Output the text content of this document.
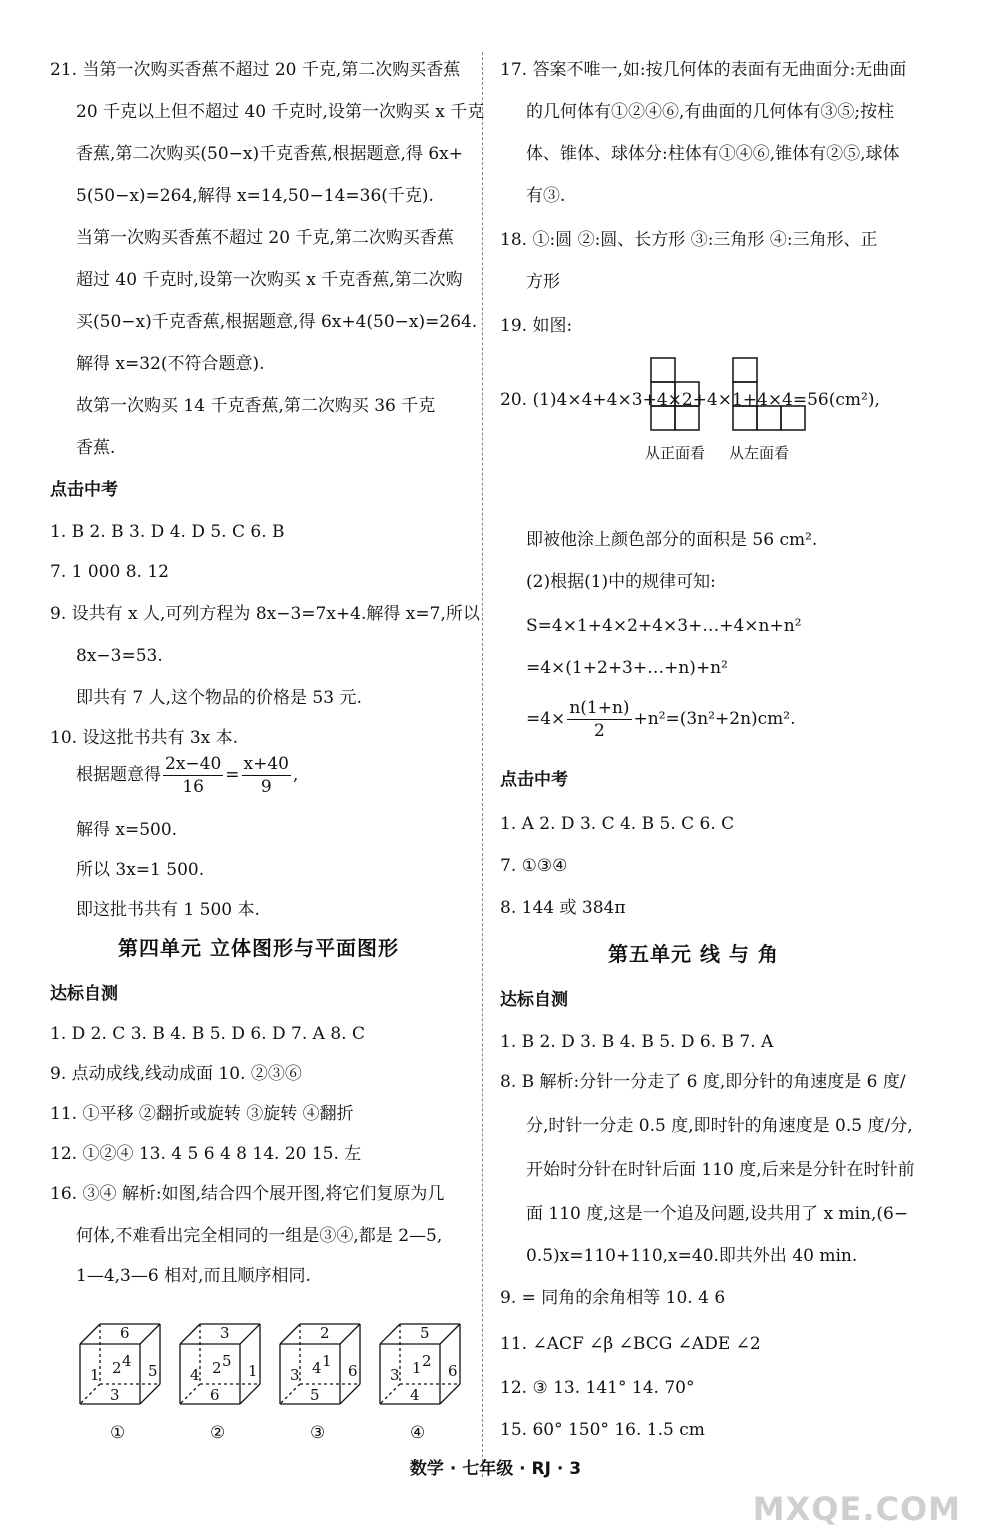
21. 当第一次购买香蕉不超过 20 千克,第二次购买香蕉
20 千克以上但不超过 40 千克时,设第一次购买 x 千克
香蕉,第二次购买(50−x)千克香蕉,根据题意,得 6x+
5(50−x)=264,解得 x=14,50−14=36(千克).
当第一次购买香蕉不超过 20 千克,第二次购买香蕉
超过 40 千克时,设第一次购买 x 千克香蕉,第二次购
买(50−x)千克香蕉,根据题意,得 6x+4(50−x)=264.
解得 x=32(不符合题意).
故第一次购买 14 千克香蕉,第二次购买 36 千克
香蕉.
点击中考
1. B 2. B 3. D 4. D 5. C 6. B
7. 1 000 8. 12
9. 设共有 x 人,可列方程为 8x−3=7x+4.解得 x=7,所以
8x−3=53.
即共有 7 人,这个物品的价格是 53 元.
10. 设这批书共有 3x 本.
根据题意得 $\frac{2x-40}{16} = \frac{x+40}{9}$ ,
解得 x=500.
所以 3x=1 500.
即这批书共有 1 500 本.
第四单元 立体图形与平面图形
达标自测
1. D 2. C 3. B 4. B 5. D 6. D 7. A 8. C
9. 点动成线,线动成面 10. ②③⑥
11. ①平移 ②翻折或旋转 ③旋转 ④翻折
12. ①②④ 13. 4 5 6 4 8 14. 20 15. 左
16. ③④ 解析:如图,结合四个展开图,将它们复原为几
何体,不难看出完全相同的一组是③④,都是 2—5,
1—4,3—6 相对,而且顺序相同.
6
1 2 4
3
5
①
3
4 2 5
6
1
②
2
3 4 1
5
6
③
5
3 1 2
4
6
④
17. 答案不唯一,如:按几何体的表面有无曲面分:无曲面
的几何体有①②④⑥,有曲面的几何体有③⑤;按柱
体、锥体、球体分:柱体有①④⑥,锥体有②⑤,球体
有③.
18. ①:圆 ②:圆、长方形 ③:三角形 ④:三角形、正
方形
19. 如图:
20. (1)4×4+4×3+4×2+4×1+4×4=56(cm²),
即被他涂上颜色部分的面积是 56 cm².
(2)根据(1)中的规律可知:
S=4×1+4×2+4×3+…+4×n+n²
=4×(1+2+3+…+n)+n²
$=4\times \frac{n(1+n)}{2} +n^2=(3n^2+2n)cm^2$.
点击中考
1. A 2. D 3. C 4. B 5. C 6. C
7. ①③④
8. 144 或 384π
第五单元 线 与 角
达标自测
1. B 2. D 3. B 4. B 5. D 6. B 7. A
8. B 解析:分针一分走了 6 度,即分针的角速度是 6 度/
分,时针一分走 0.5 度,即时针的角速度是 0.5 度/分,
开始时分针在时针后面 110 度,后来是分针在时针前
面 110 度,这是一个追及问题,设共用了 x min,(6−
0.5)x=110+110,x=40.即共外出 40 min.
9. = 同角的余角相等 10. 4 6
11. ∠ACF ∠β ∠BCG ∠ADE ∠2
12. ③ 13. 141° 14. 70°
15. 60° 150° 16. 1.5 cm
从正面看 从左面看
数学 · 七年级 · RJ · 3
MXQE.COM
